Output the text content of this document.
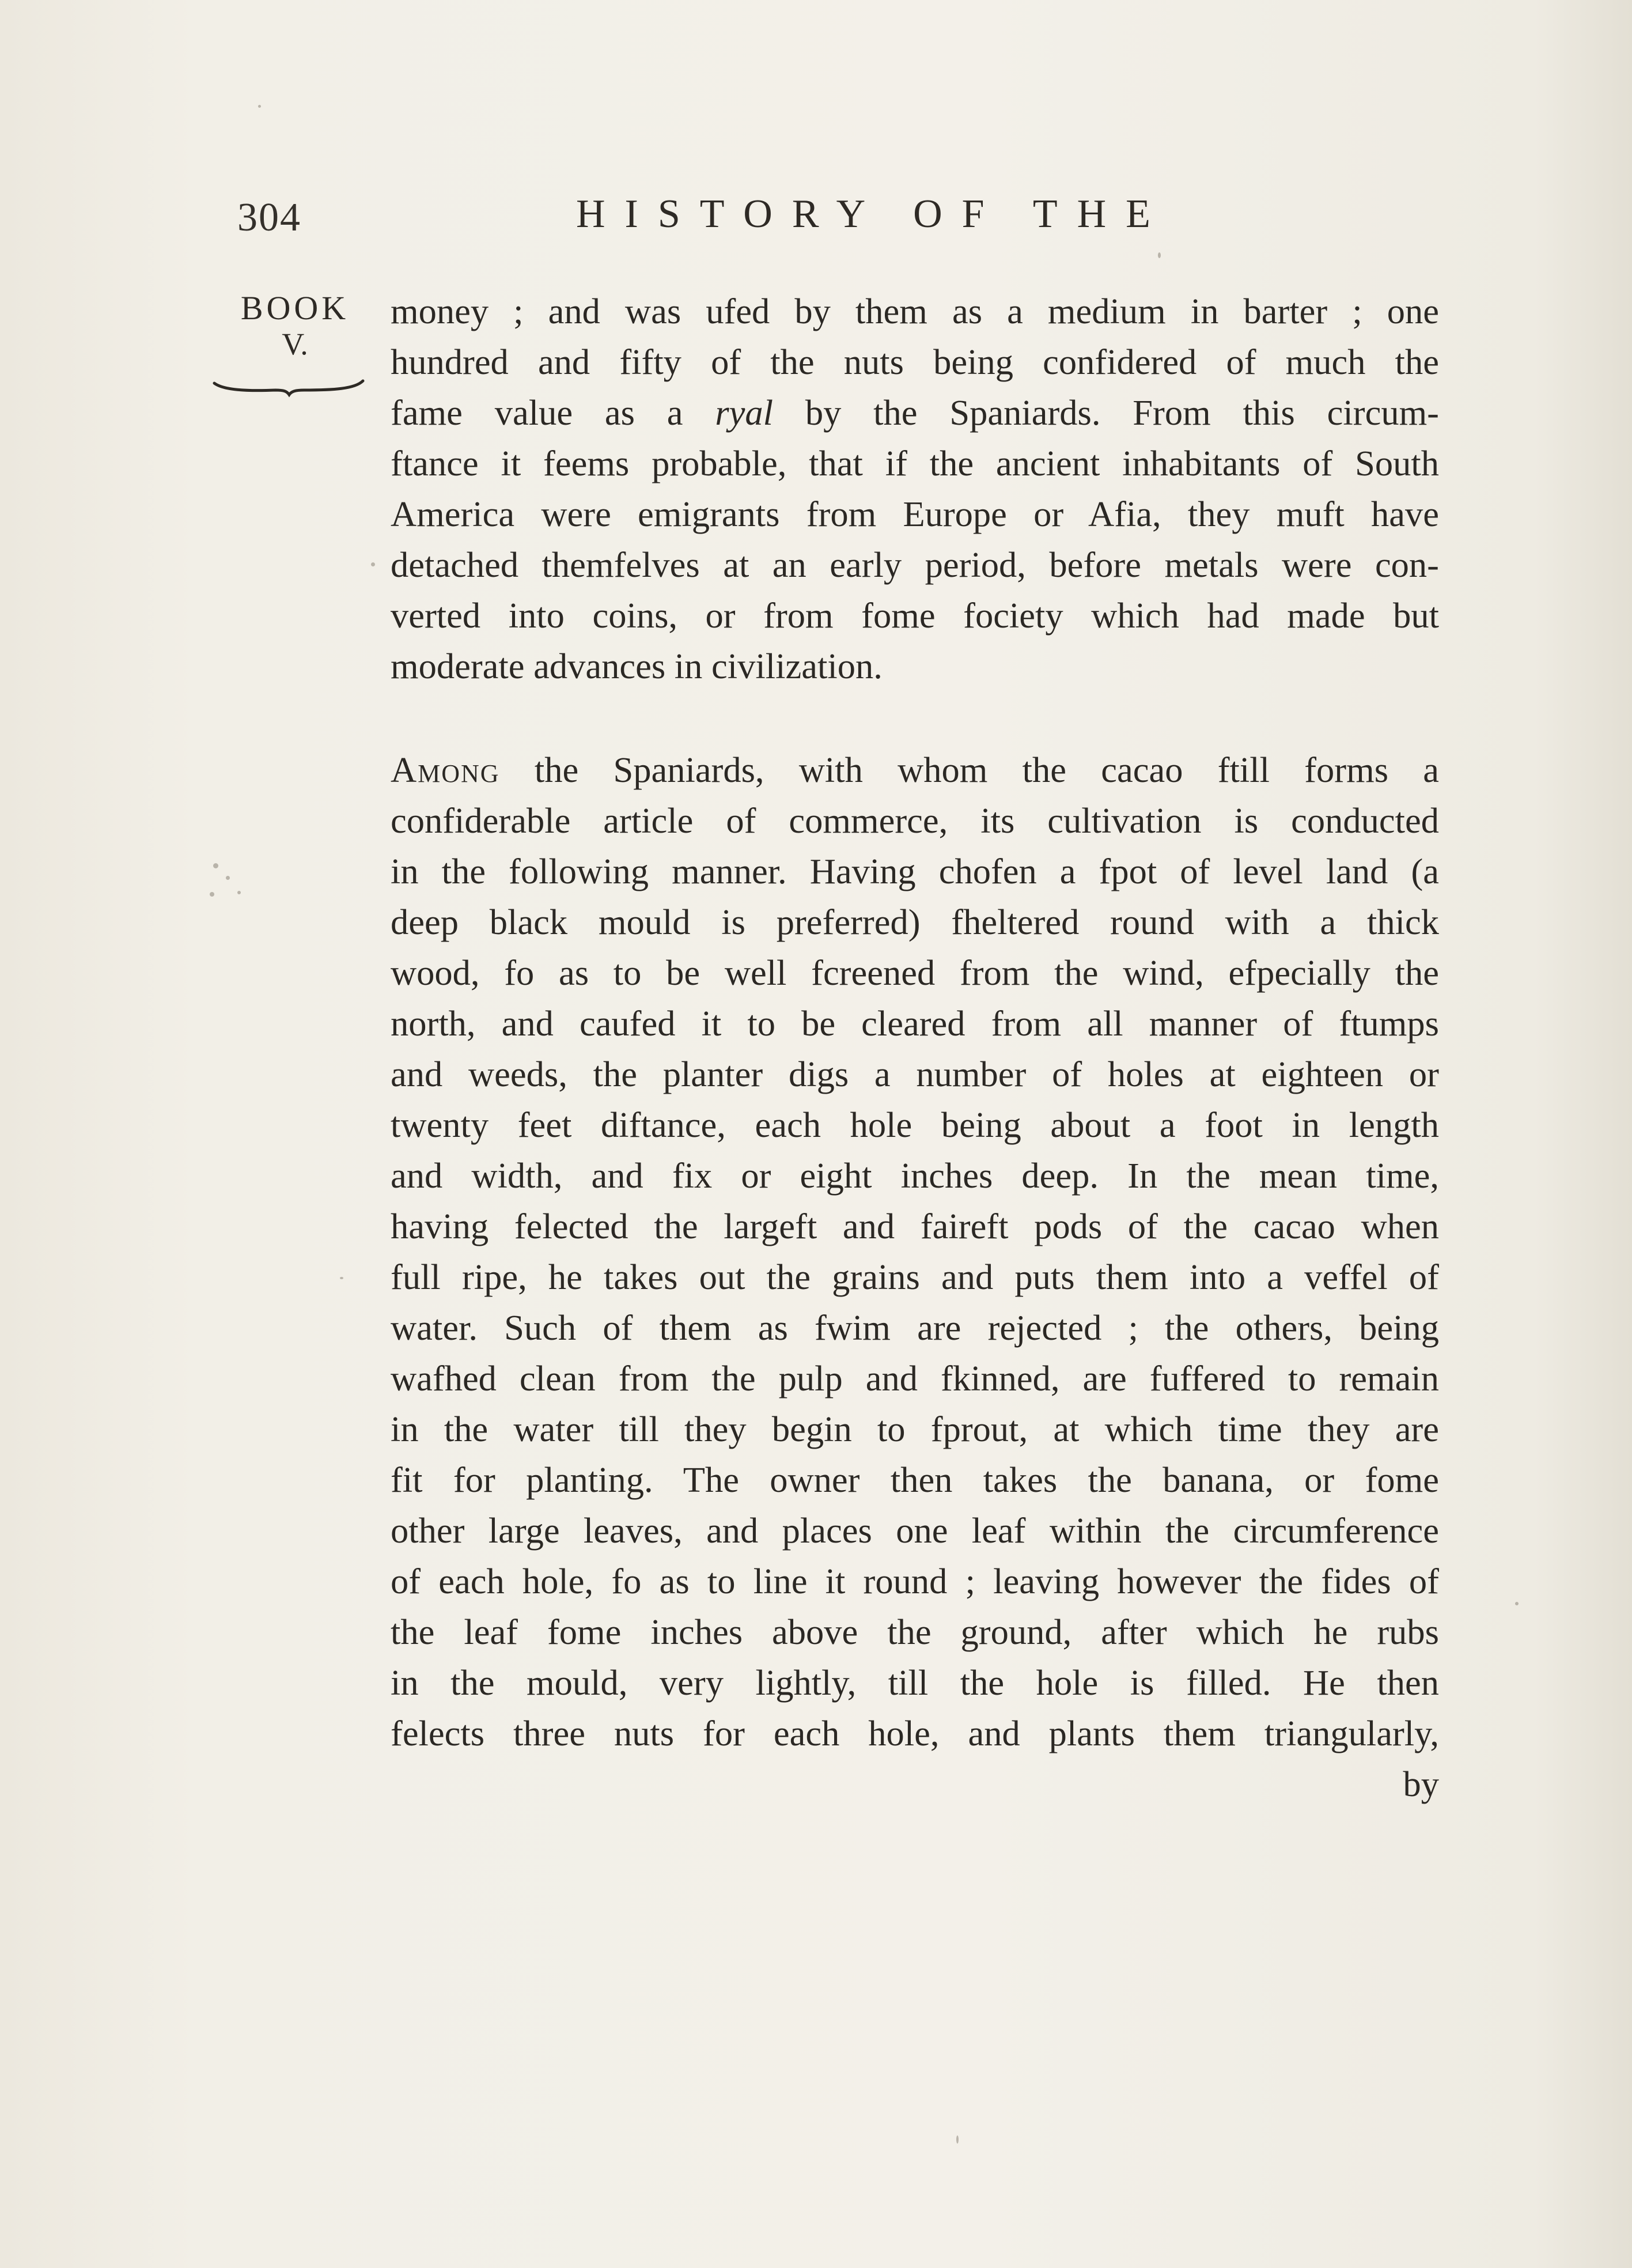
304	HISTORY OF THE
BOOK
V.
money ; and was ufed by them as a medium in barter ; one
hundred and fifty of the nuts being confidered of much the
fame value as a ryal by the Spaniards. From this circum-
ftance it feems probable, that if the ancient inhabitants of South
America were emigrants from Europe or Afia, they muft have
detached themfelves at an early period, before metals were con-
verted into coins, or from fome fociety which had made but
moderate advances in civilization.
Among the Spaniards, with whom the cacao ftill forms a
confiderable article of commerce, its cultivation is conducted
in the following manner. Having chofen a fpot of level land (a
deep black mould is preferred) fheltered round with a thick
wood, fo as to be well fcreened from the wind, efpecially the
north, and caufed it to be cleared from all manner of ftumps
and weeds, the planter digs a number of holes at eighteen or
twenty feet diftance, each hole being about a foot in length
and width, and fix or eight inches deep. In the mean time,
having felected the largeft and faireft pods of the cacao when
full ripe, he takes out the grains and puts them into a veffel of
water. Such of them as fwim are rejected ; the others, being
wafhed clean from the pulp and fkinned, are fuffered to remain
in the water till they begin to fprout, at which time they are
fit for planting. The owner then takes the banana, or fome
other large leaves, and places one leaf within the circumference
of each hole, fo as to line it round ; leaving however the fides of
the leaf fome inches above the ground, after which he rubs
in the mould, very lightly, till the hole is filled. He then
felects three nuts for each hole, and plants them triangularly,
by
